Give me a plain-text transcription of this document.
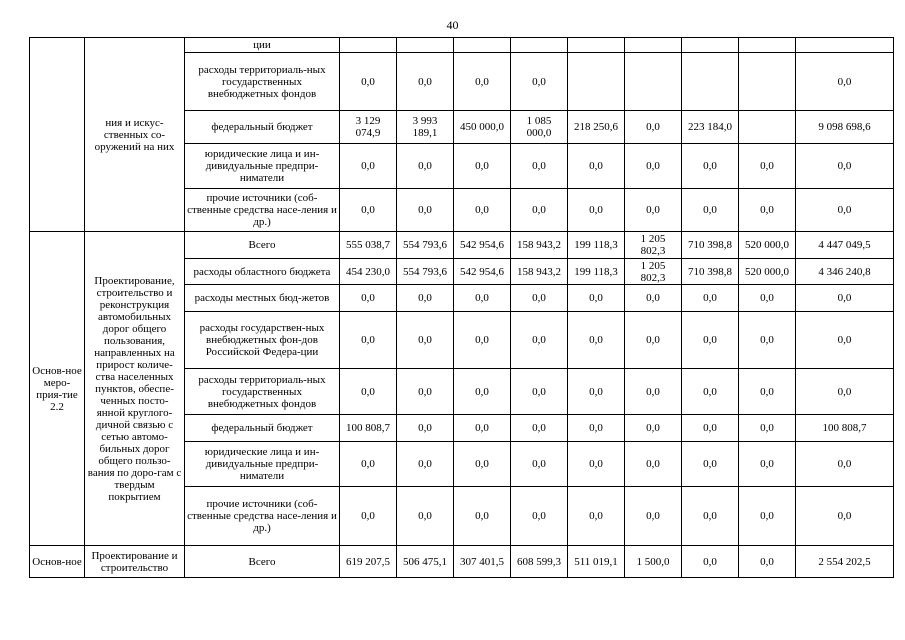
40
	ния и искус-ственных со-оружений на них	ции									
		расходы территориаль-ных государственных внебюджетных фондов	0,0	0,0	0,0	0,0					0,0
		федеральный бюджет	3 129 074,9	3 993 189,1	450 000,0	1 085 000,0	218 250,6	0,0	223 184,0		9 098 698,6
		юридические лица и ин-дивидуальные предпри-ниматели	0,0	0,0	0,0	0,0	0,0	0,0	0,0	0,0	0,0
		прочие источники (соб-ственные средства насе-ления и др.)	0,0	0,0	0,0	0,0	0,0	0,0	0,0	0,0	0,0
Основ-ное меро-прия-тие 2.2	Проектирование, строительство и реконструкция автомобильных дорог общего пользования, направленных на прирост количе-ства населенных пунктов, обеспе-ченных посто-янной круглого-дичной связью с сетью автомо-бильных дорог общего пользо-вания по доро-гам с твердым покрытием	Всего	555 038,7	554 793,6	542 954,6	158 943,2	199 118,3	1 205 802,3	710 398,8	520 000,0	4 447 049,5
		расходы областного бюджета	454 230,0	554 793,6	542 954,6	158 943,2	199 118,3	1 205 802,3	710 398,8	520 000,0	4 346 240,8
		расходы местных бюд-жетов	0,0	0,0	0,0	0,0	0,0	0,0	0,0	0,0	0,0
		расходы государствен-ных внебюджетных фон-дов Российской Федера-ции	0,0	0,0	0,0	0,0	0,0	0,0	0,0	0,0	0,0
		расходы территориаль-ных государственных внебюджетных фондов	0,0	0,0	0,0	0,0	0,0	0,0	0,0	0,0	0,0
		федеральный бюджет	100 808,7	0,0	0,0	0,0	0,0	0,0	0,0	0,0	100 808,7
		юридические лица и ин-дивидуальные предпри-ниматели	0,0	0,0	0,0	0,0	0,0	0,0	0,0	0,0	0,0
		прочие источники (соб-ственные средства насе-ления и др.)	0,0	0,0	0,0	0,0	0,0	0,0	0,0	0,0	0,0
Основ-ное	Проектирование и строительство	Всего	619 207,5	506 475,1	307 401,5	608 599,3	511 019,1	1 500,0	0,0	0,0	2 554 202,5
